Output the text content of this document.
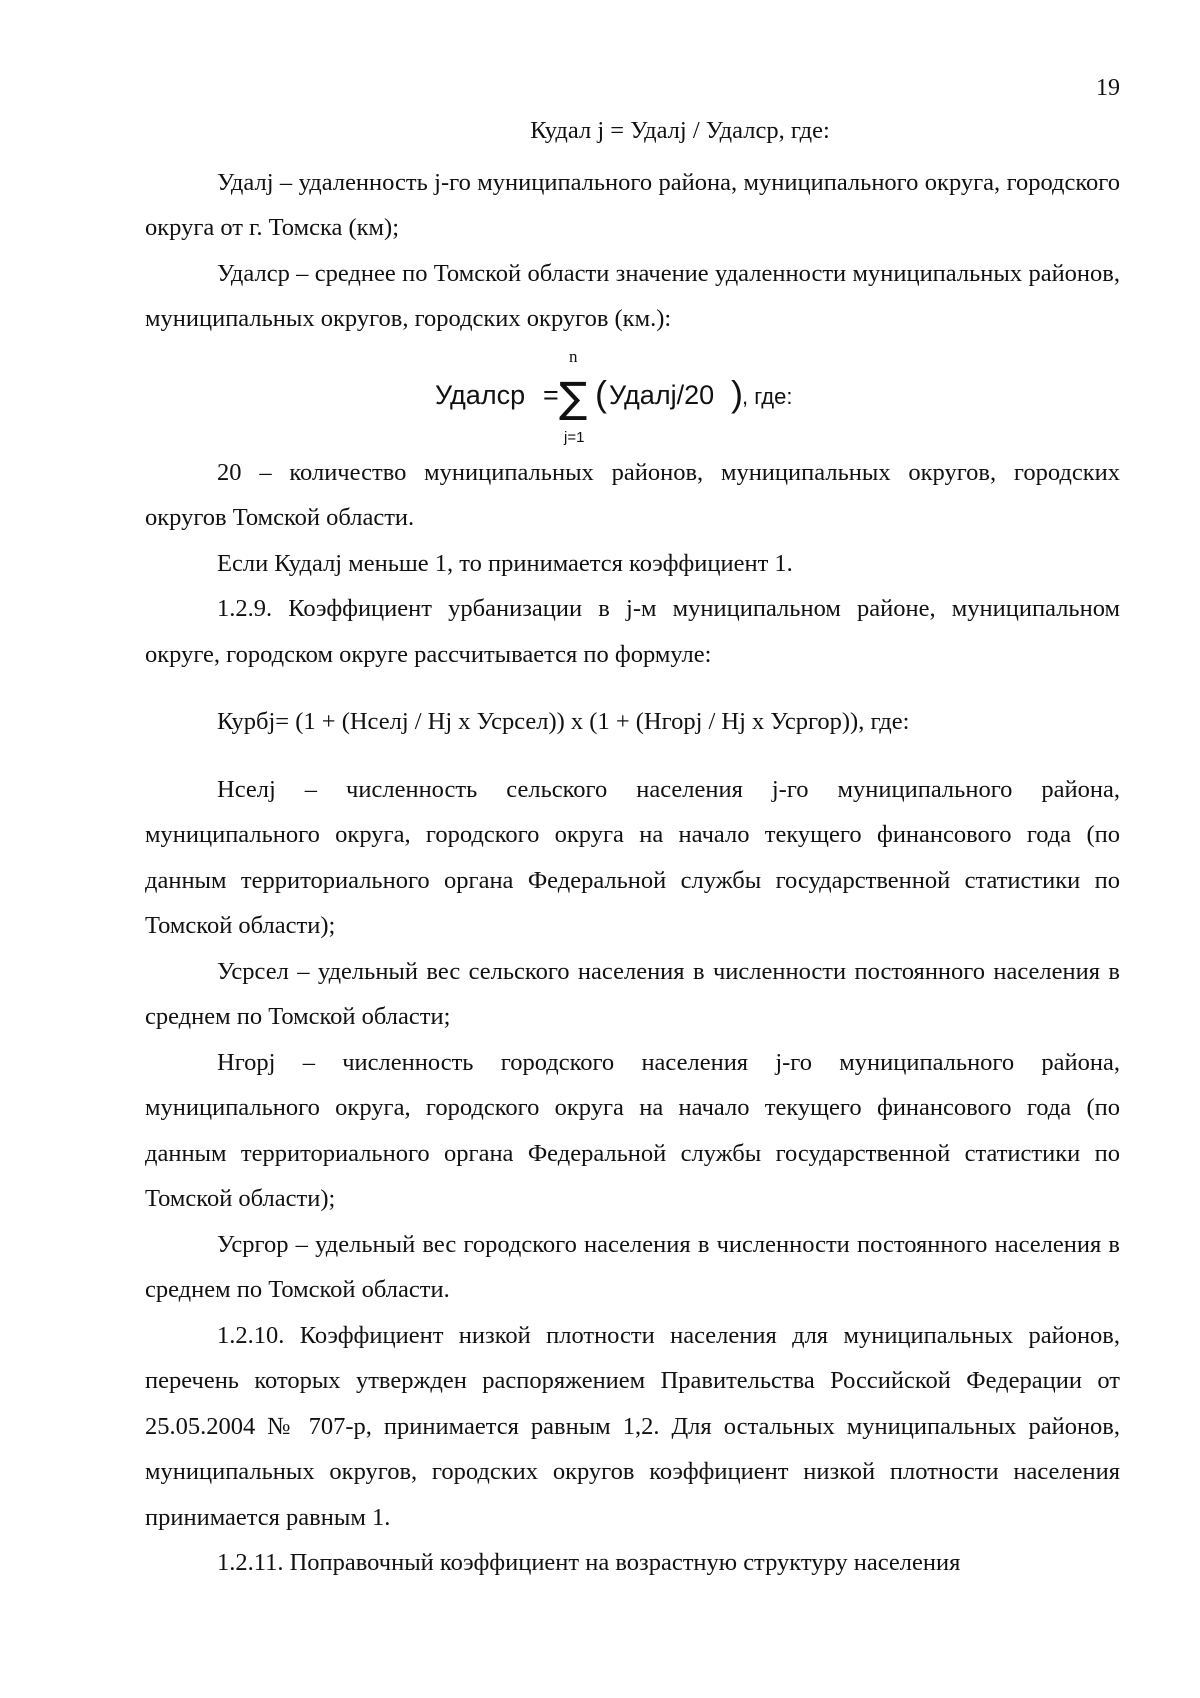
19

Кудал j = Удалj / Удалср, где:

Удалj – удаленность j-го муниципального района, муниципального округа, городского округа от г. Томска (км);

Удалср – среднее по Томской области значение удаленности муниципальных районов, муниципальных округов, городских округов (км.):

Удалср =
n
∑
j=1
( Удалj/20 ) , где:

20 – количество муниципальных районов, муниципальных округов, городских округов Томской области.

Если Кудалj меньше 1, то принимается коэффициент 1.

1.2.9. Коэффициент урбанизации в j-м муниципальном районе, муниципальном округе, городском округе рассчитывается по формуле:

Курбj= (1 + (Нселj / Нj х Усрсел)) х (1 + (Нгорj / Нj х Усргор)), где:

Нселj – численность сельского населения j-го муниципального района, муниципального округа, городского округа на начало текущего финансового года (по данным территориального органа Федеральной службы государственной статистики по Томской области);

Усрсел – удельный вес сельского населения в численности постоянного населения в среднем по Томской области;

Нгорj – численность городского населения j-го муниципального района, муниципального округа, городского округа на начало текущего финансового года (по данным территориального органа Федеральной службы государственной статистики по Томской области);

Усргор – удельный вес городского населения в численности постоянного населения в среднем по Томской области.

1.2.10. Коэффициент низкой плотности населения для муниципальных районов, перечень которых утвержден распоряжением Правительства Российской Федерации от 25.05.2004 № 707-р, принимается равным 1,2. Для остальных муниципальных районов, муниципальных округов, городских округов коэффициент низкой плотности населения принимается равным 1.

1.2.11. Поправочный коэффициент на возрастную структуру населения
